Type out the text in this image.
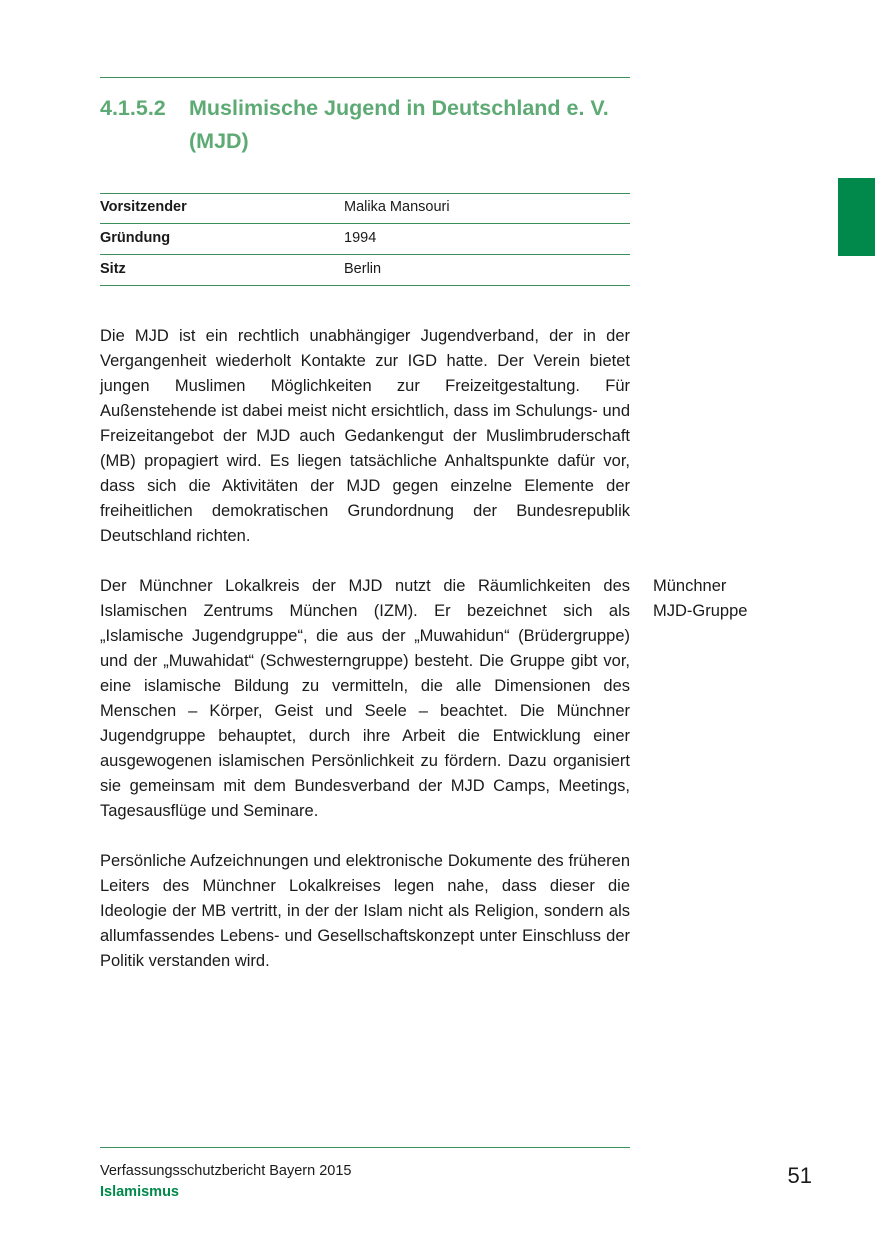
4.1.5.2 Muslimische Jugend in Deutschland e. V. (MJD)
Vorsitzender	Malika Mansouri
Gründung	1994
Sitz	Berlin

Die MJD ist ein rechtlich unabhängiger Jugendverband, der in der Vergangenheit wiederholt Kontakte zur IGD hatte. Der Verein bietet jungen Muslimen Möglichkeiten zur Freizeitgestaltung. Für Außenstehende ist dabei meist nicht ersichtlich, dass im Schulungs- und Freizeitangebot der MJD auch Gedankengut der Muslimbruderschaft (MB) propagiert wird. Es liegen tatsächliche Anhaltspunkte dafür vor, dass sich die Aktivitäten der MJD gegen einzelne Elemente der freiheitlichen demokratischen Grundordnung der Bundesrepublik Deutschland richten.

Der Münchner Lokalkreis der MJD nutzt die Räumlichkeiten des Islamischen Zentrums München (IZM). Er bezeichnet sich als „Islamische Jugendgruppe“, die aus der „Muwahidun“ (Brüdergruppe) und der „Muwahidat“ (Schwesterngruppe) besteht. Die Gruppe gibt vor, eine islamische Bildung zu vermitteln, die alle Dimensionen des Menschen – Körper, Geist und Seele – beachtet. Die Münchner Jugendgruppe behauptet, durch ihre Arbeit die Entwicklung einer ausgewogenen islamischen Persönlichkeit zu fördern. Dazu organisiert sie gemeinsam mit dem Bundesverband der MJD Camps, Meetings, Tagesausflüge und Seminare.

Persönliche Aufzeichnungen und elektronische Dokumente des früheren Leiters des Münchner Lokalkreises legen nahe, dass dieser die Ideologie der MB vertritt, in der der Islam nicht als Religion, sondern als allumfassendes Lebens- und Gesellschaftskonzept unter Einschluss der Politik verstanden wird.

Münchner
MJD-Gruppe
Verfassungsschutzbericht Bayern 2015
Islamismus
51
